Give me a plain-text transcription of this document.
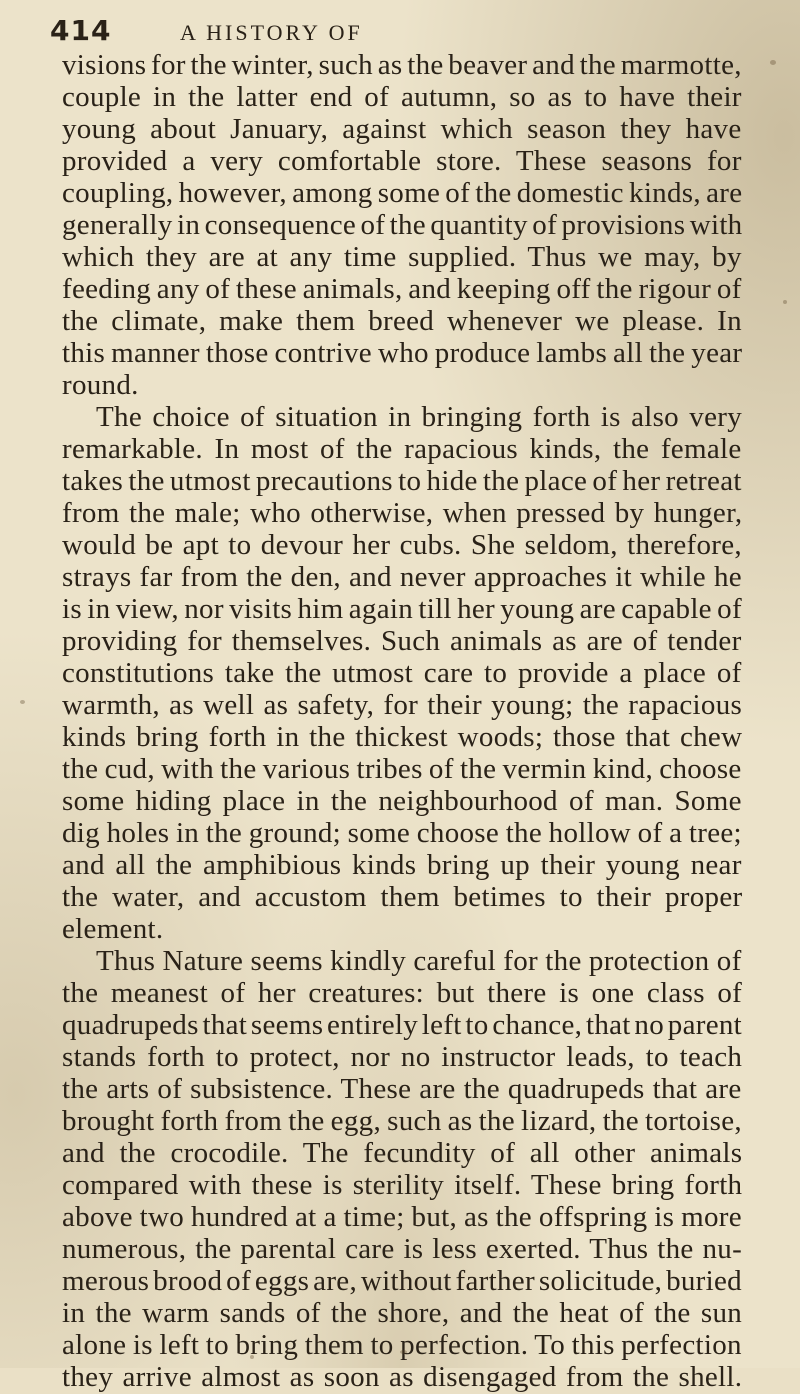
414	A HISTORY OF
visions for the winter, such as the beaver and the marmotte,
couple in the latter end of autumn, so as to have their
young about January, against which season they have
provided a very comfortable store. These seasons for
coupling, however, among some of the domestic kinds, are
generally in consequence of the quantity of provisions with
which they are at any time supplied. Thus we may, by
feeding any of these animals, and keeping off the rigour of
the climate, make them breed whenever we please. In
this manner those contrive who produce lambs all the year
round.
The choice of situation in bringing forth is also very
remarkable. In most of the rapacious kinds, the female
takes the utmost precautions to hide the place of her retreat
from the male; who otherwise, when pressed by hunger,
would be apt to devour her cubs. She seldom, therefore,
strays far from the den, and never approaches it while he
is in view, nor visits him again till her young are capable of
providing for themselves. Such animals as are of tender
constitutions take the utmost care to provide a place of
warmth, as well as safety, for their young; the rapacious
kinds bring forth in the thickest woods; those that chew
the cud, with the various tribes of the vermin kind, choose
some hiding place in the neighbourhood of man. Some
dig holes in the ground; some choose the hollow of a tree;
and all the amphibious kinds bring up their young near
the water, and accustom them betimes to their proper
element.
Thus Nature seems kindly careful for the protection of
the meanest of her creatures: but there is one class of
quadrupeds that seems entirely left to chance, that no parent
stands forth to protect, nor no instructor leads, to teach
the arts of subsistence. These are the quadrupeds that are
brought forth from the egg, such as the lizard, the tortoise,
and the crocodile. The fecundity of all other animals
compared with these is sterility itself. These bring forth
above two hundred at a time; but, as the offspring is more
numerous, the parental care is less exerted. Thus the nu-
merous brood of eggs are, without farther solicitude, buried
in the warm sands of the shore, and the heat of the sun
alone is left to bring them to perfection. To this perfection
they arrive almost as soon as disengaged from the shell.
